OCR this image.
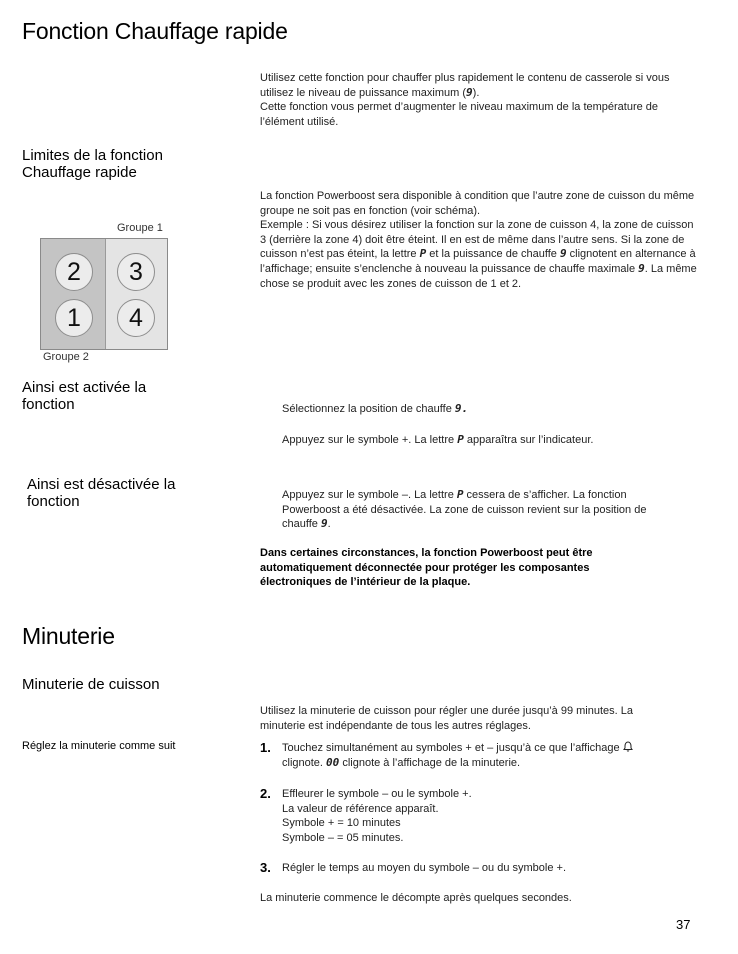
Fonction Chauffage rapide

Utilisez cette fonction pour chauffer plus rapidement le contenu de casserole si vous utilisez le niveau de puissance maximum (9).

Cette fonction vous permet d’augmenter le niveau maximum de la température de l’élément utilisé.

Limites de la fonction Chauffage rapide

La fonction Powerboost sera disponible à condition que l’autre zone de cuisson du même groupe ne soit pas en fonction (voir schéma).

Exemple : Si vous désirez utiliser la fonction sur la zone de cuisson 4, la zone de cuisson 3 (derrière la zone 4) doit être éteint. Il en est de même dans l’autre sens. Si la zone de cuisson n’est pas éteint, la lettre P et la puissance de chauffe 9 clignotent en alternance à l’affichage; ensuite s’enclenche à nouveau la puissance de chauffe maximale 9. La même chose se produit avec les zones de cuisson de 1 et 2.

Groupe 1
2	3
1	4
Groupe 2
Ainsi est activée la fonction	Sélectionnez la position de chauffe 9.
Appuyez sur le symbole +. La lettre P apparaîtra sur l’indicateur.
Ainsi est désactivée la fonction	Appuyez sur le symbole –. La lettre P cessera de s’afficher. La fonction Powerboost a été désactivée. La zone de cuisson revient sur la position de chauffe 9.
Dans certaines circonstances, la fonction Powerboost peut être automatiquement déconnectée pour protéger les composantes électroniques de l’intérieur de la plaque.
Minuterie
Minuterie de cuisson
Utilisez la minuterie de cuisson pour régler une durée jusqu’à 99 minutes. La minuterie est indépendante de tous les autres réglages.
Réglez la minuterie comme suit	1. Touchez simultanément au symboles + et – jusqu’à ce que l’affichage
clignote. 00 clignote à l’affichage de la minuterie.
2. Effleurer le symbole – ou le symbole +.

La valeur de référence apparaît.

Symbole + = 10 minutes

Symbole – = 05 minutes.

3. Régler le temps au moyen du symbole – ou du symbole +.
La minuterie commence le décompte après quelques secondes.
37
